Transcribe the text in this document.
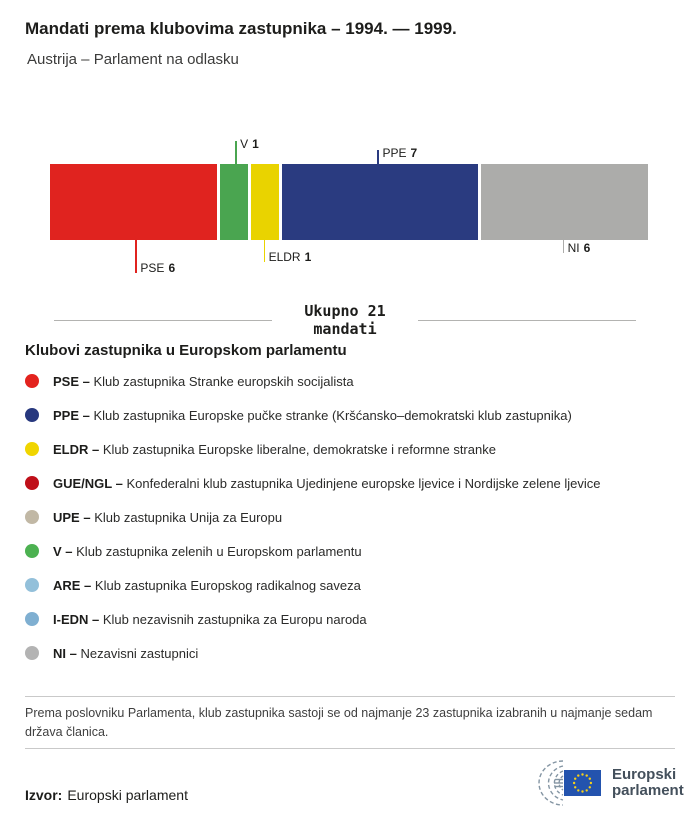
Mandati prema klubovima zastupnika – 1994. — 1999.
Austrija – Parlament na odlasku
PSE 6
V 1
ELDR 1
PPE 7
NI 6
Ukupno 21
mandati
Klubovi zastupnika u Europskom parlamentu
PSE – Klub zastupnika Stranke europskih socijalista
PPE – Klub zastupnika Europske pučke stranke (Kršćansko–demokratski klub zastupnika)
ELDR – Klub zastupnika Europske liberalne, demokratske i reformne stranke
GUE/NGL – Konfederalni klub zastupnika Ujedinjene europske ljevice i Nordijske zelene ljevice
UPE – Klub zastupnika Unija za Europu
V – Klub zastupnika zelenih u Europskom parlamentu
ARE – Klub zastupnika Europskog radikalnog saveza
I-EDN – Klub nezavisnih zastupnika za Europu naroda
NI – Nezavisni zastupnici
Prema poslovniku Parlamenta, klub zastupnika sastoji se od najmanje 23 zastupnika izabranih u najmanje sedam država članica.
Izvor: Europski parlament
Europski
parlament
